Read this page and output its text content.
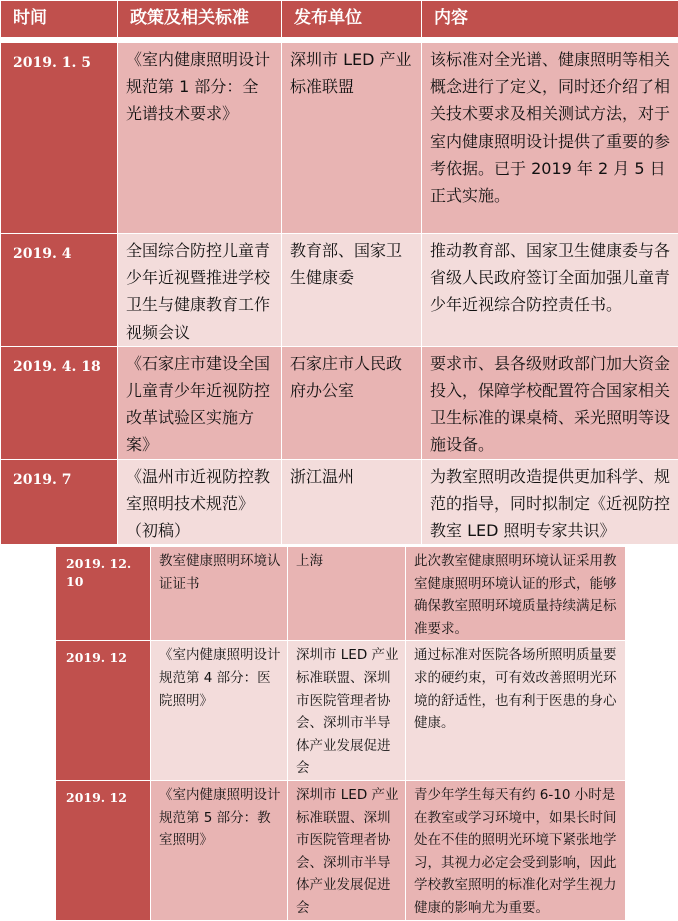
时间	政策及相关标准	发布单位	内容

2019. 1. 5	《室内健康照明设计规范第 1 部分：全光谱技术要求》	深圳市 LED 产业标准联盟	该标准对全光谱、健康照明等相关概念进行了定义，同时还介绍了相关技术要求及相关测试方法，对于室内健康照明设计提供了重要的参考依据。已于 2019 年 2 月 5 日正式实施。
2019. 4	全国综合防控儿童青少年近视暨推进学校卫生与健康教育工作视频会议	教育部、国家卫生健康委	推动教育部、国家卫生健康委与各省级人民政府签订全面加强儿童青少年近视综合防控责任书。
2019. 4. 18	《石家庄市建设全国儿童青少年近视防控改革试验区实施方案》	石家庄市人民政府办公室	要求市、县各级财政部门加大资金投入，保障学校配置符合国家相关卫生标准的课桌椅、采光照明等设施设备。
2019. 7	《温州市近视防控教室照明技术规范》（初稿）	浙江温州	为教室照明改造提供更加科学、规范的指导，同时拟制定《近视防控教室 LED 照明专家共识》
2019. 12. 10	教室健康照明环境认证证书	上海	此次教室健康照明环境认证采用教室健康照明环境认证的形式，能够确保教室照明环境质量持续满足标准要求。
2019. 12	《室内健康照明设计规范第 4 部分：医院照明》	深圳市 LED 产业标准联盟、深圳市医院管理者协会、深圳市半导体产业发展促进会	通过标准对医院各场所照明质量要求的硬约束，可有效改善照明光环境的舒适性，也有利于医患的身心健康。
2019. 12	《室内健康照明设计规范第 5 部分：教室照明》	深圳市 LED 产业标准联盟、深圳市医院管理者协会、深圳市半导体产业发展促进会	青少年学生每天有约 6-10 小时是在教室或学习环境中，如果长时间处在不佳的照明光环境下紧张地学习，其视力必定会受到影响，因此学校教室照明的标准化对学生视力健康的影响尤为重要。
